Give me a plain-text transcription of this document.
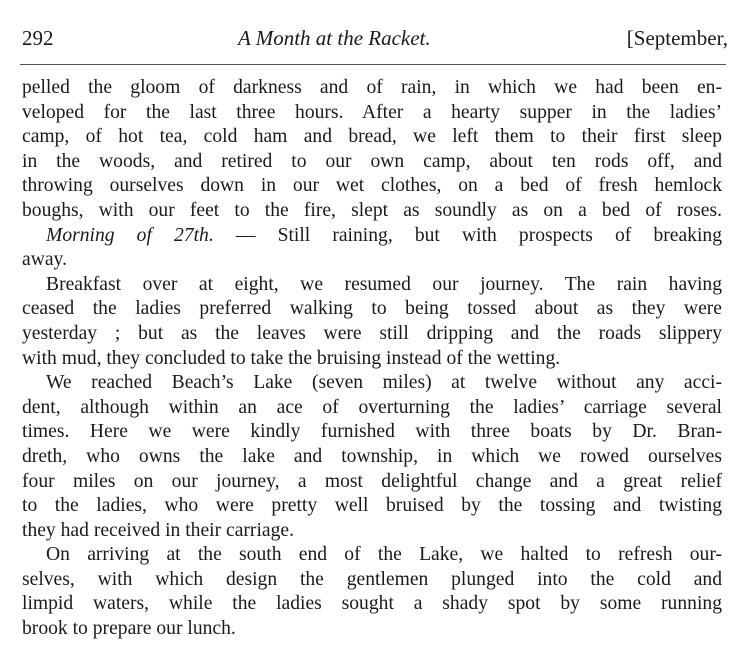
292	A Month at the Racket.	[September,
pelled the gloom of darkness and of rain, in which we had been en-
veloped for the last three hours. After a hearty supper in the ladies’
camp, of hot tea, cold ham and bread, we left them to their first sleep
in the woods, and retired to our own camp, about ten rods off, and
throwing ourselves down in our wet clothes, on a bed of fresh hemlock
boughs, with our feet to the fire, slept as soundly as on a bed of roses.
Morning of 27th. — Still raining, but with prospects of breaking
away.
Breakfast over at eight, we resumed our journey. The rain having
ceased the ladies preferred walking to being tossed about as they were
yesterday ; but as the leaves were still dripping and the roads slippery
with mud, they concluded to take the bruising instead of the wetting.
We reached Beach’s Lake (seven miles) at twelve without any acci-
dent, although within an ace of overturning the ladies’ carriage several
times. Here we were kindly furnished with three boats by Dr. Bran-
dreth, who owns the lake and township, in which we rowed ourselves
four miles on our journey, a most delightful change and a great relief
to the ladies, who were pretty well bruised by the tossing and twisting
they had received in their carriage.
On arriving at the south end of the Lake, we halted to refresh our-
selves, with which design the gentlemen plunged into the cold and
limpid waters, while the ladies sought a shady spot by some running
brook to prepare our lunch.
